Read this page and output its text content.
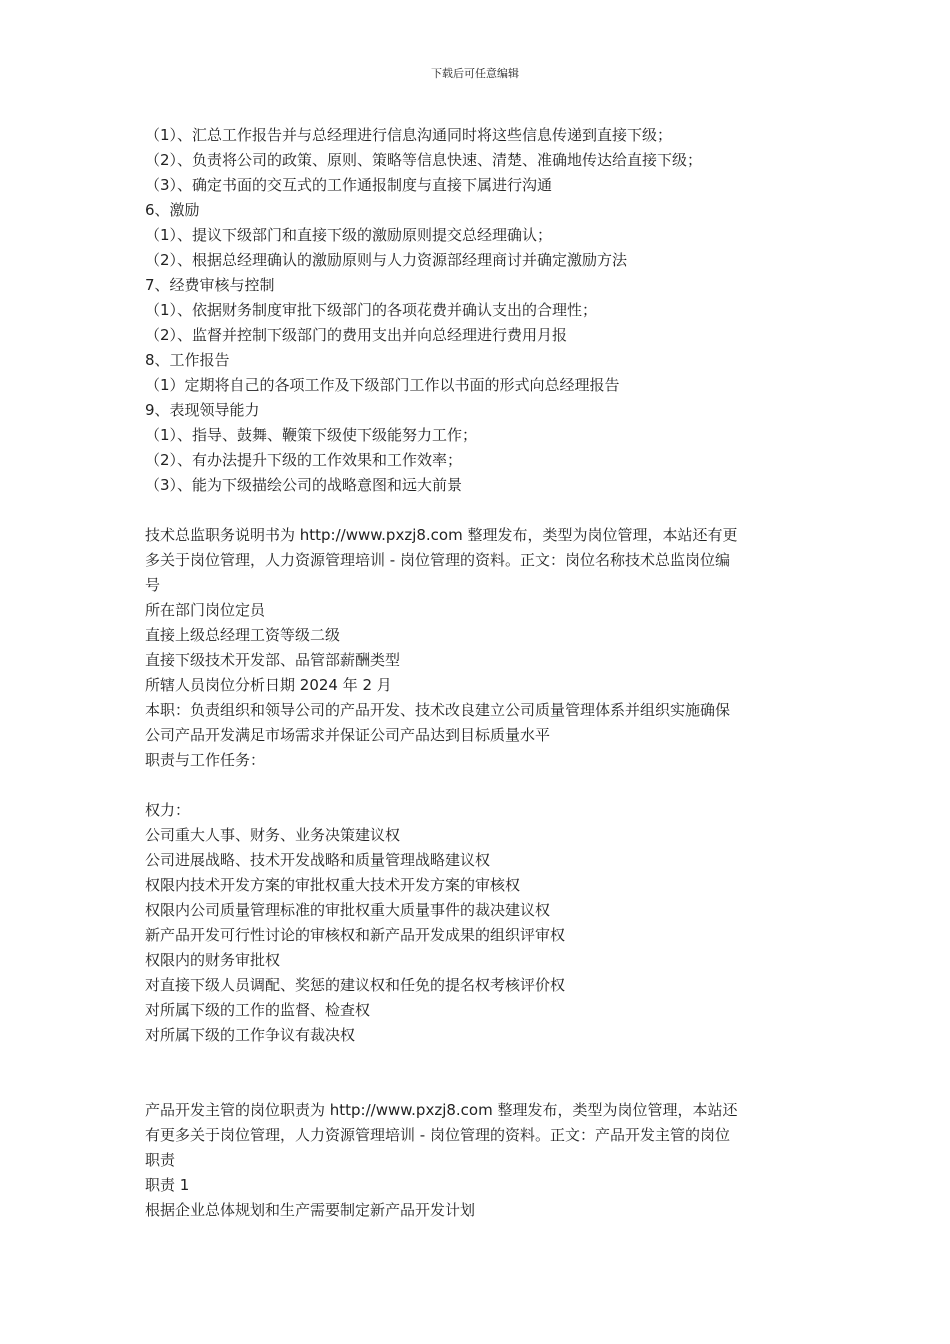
下载后可任意编辑
（1）、汇总工作报告并与总经理进行信息沟通同时将这些信息传递到直接下级；
（2）、负责将公司的政策、原则、策略等信息快速、清楚、准确地传达给直接下级；
（3）、确定书面的交互式的工作通报制度与直接下属进行沟通
6、激励
（1）、提议下级部门和直接下级的激励原则提交总经理确认；
（2）、根据总经理确认的激励原则与人力资源部经理商讨并确定激励方法
7、经费审核与控制
（1）、依据财务制度审批下级部门的各项花费并确认支出的合理性；
（2）、监督并控制下级部门的费用支出并向总经理进行费用月报
8、工作报告
（1）定期将自己的各项工作及下级部门工作以书面的形式向总经理报告
9、表现领导能力
（1）、指导、鼓舞、鞭策下级使下级能努力工作；
（2）、有办法提升下级的工作效果和工作效率；
（3）、能为下级描绘公司的战略意图和远大前景
技术总监职务说明书为 http://www.pxzj8.com 整理发布，类型为岗位管理，本站还有更
多关于岗位管理，人力资源管理培训 - 岗位管理的资料。正文：岗位名称技术总监岗位编
号
所在部门岗位定员
直接上级总经理工资等级二级
直接下级技术开发部、品管部薪酬类型
所辖人员岗位分析日期 2024 年 2 月
本职：负责组织和领导公司的产品开发、技术改良建立公司质量管理体系并组织实施确保
公司产品开发满足市场需求并保证公司产品达到目标质量水平
职责与工作任务：
权力：
公司重大人事、财务、业务决策建议权
公司进展战略、技术开发战略和质量管理战略建议权
权限内技术开发方案的审批权重大技术开发方案的审核权
权限内公司质量管理标准的审批权重大质量事件的裁决建议权
新产品开发可行性讨论的审核权和新产品开发成果的组织评审权
权限内的财务审批权
对直接下级人员调配、奖惩的建议权和任免的提名权考核评价权
对所属下级的工作的监督、检查权
对所属下级的工作争议有裁决权
产品开发主管的岗位职责为 http://www.pxzj8.com 整理发布，类型为岗位管理，本站还
有更多关于岗位管理，人力资源管理培训 - 岗位管理的资料。正文：产品开发主管的岗位
职责
职责 1
根据企业总体规划和生产需要制定新产品开发计划
